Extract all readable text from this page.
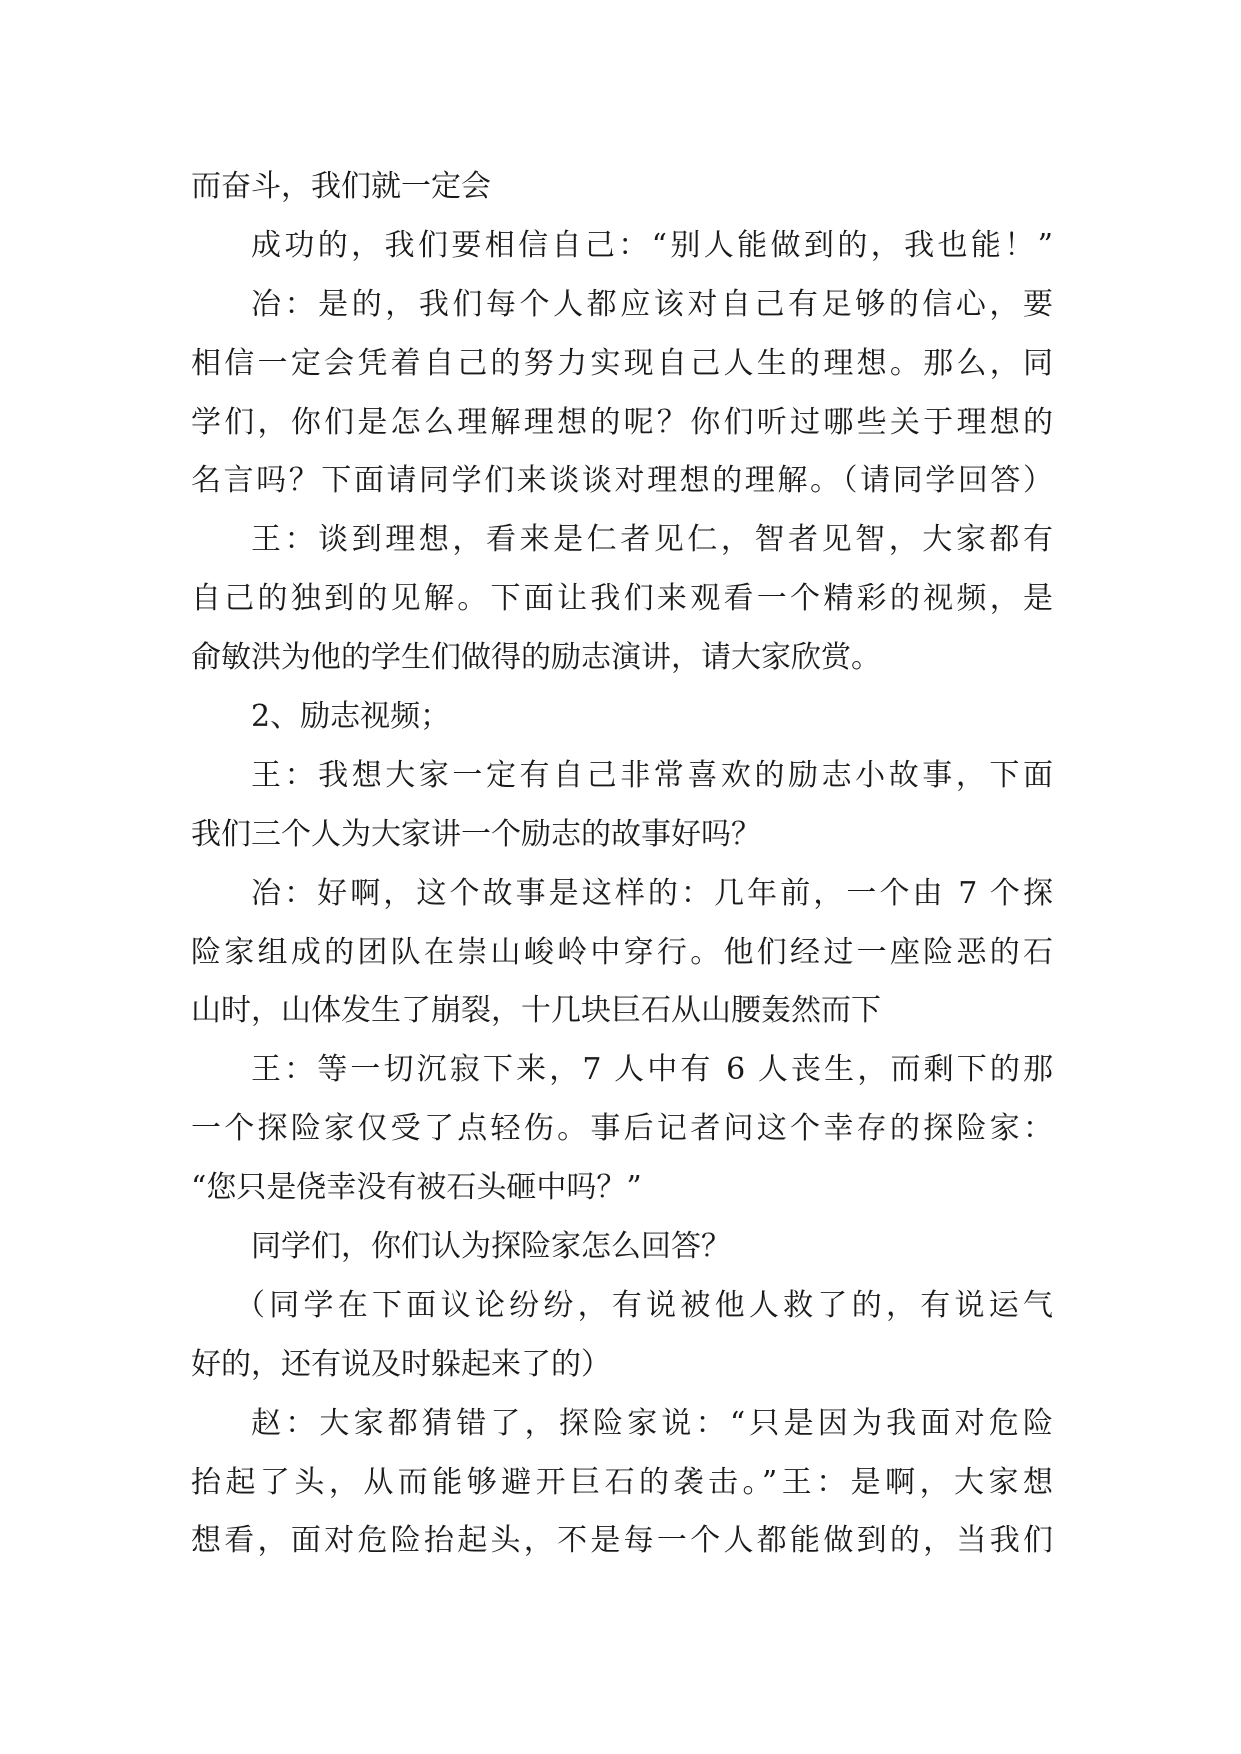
而奋斗，我们就一定会
成功的，我们要相信自己：“别人能做到的，我也能！”
冶：是的，我们每个人都应该对自己有足够的信心，要
相信一定会凭着自己的努力实现自己人生的理想。那么，同
学们，你们是怎么理解理想的呢？你们听过哪些关于理想的
名言吗？下面请同学们来谈谈对理想的理解。（请同学回答）
王：谈到理想，看来是仁者见仁，智者见智，大家都有
自己的独到的见解。下面让我们来观看一个精彩的视频，是
俞敏洪为他的学生们做得的励志演讲，请大家欣赏。
2、励志视频；
王：我想大家一定有自己非常喜欢的励志小故事，下面
我们三个人为大家讲一个励志的故事好吗？
冶：好啊，这个故事是这样的：几年前，一个由 7 个探
险家组成的团队在崇山峻岭中穿行。他们经过一座险恶的石
山时，山体发生了崩裂，十几块巨石从山腰轰然而下
王：等一切沉寂下来，7 人中有 6 人丧生，而剩下的那
一个探险家仅受了点轻伤。事后记者问这个幸存的探险家：
“您只是侥幸没有被石头砸中吗？”
同学们，你们认为探险家怎么回答？
（同学在下面议论纷纷，有说被他人救了的，有说运气
好的，还有说及时躲起来了的）
赵：大家都猜错了，探险家说：“只是因为我面对危险
抬起了头，从而能够避开巨石的袭击。”王：是啊，大家想
想看，面对危险抬起头，不是每一个人都能做到的，当我们
